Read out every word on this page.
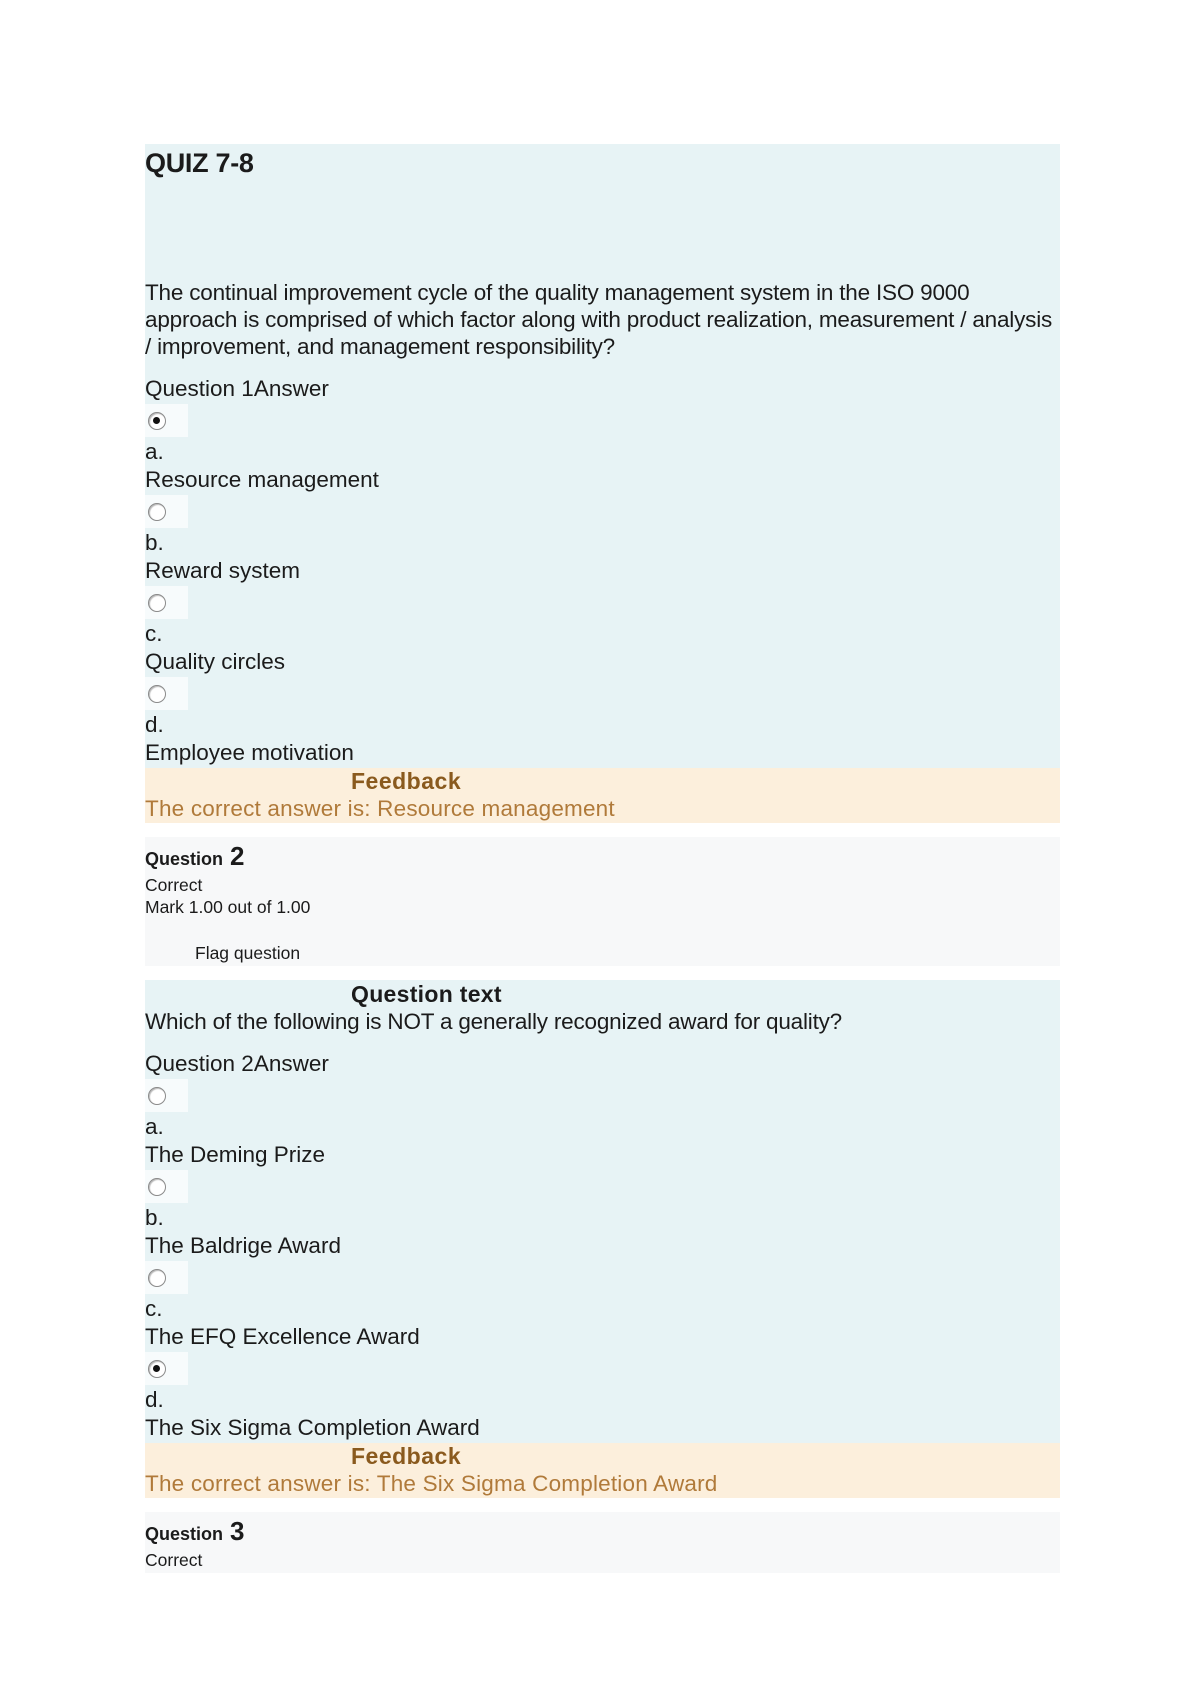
QUIZ 7-8
The continual improvement cycle of the quality management system in the ISO 9000 approach is comprised of which factor along with product realization, measurement / analysis / improvement, and management responsibility?
Question 1Answer
a.
Resource management
b.
Reward system
c.
Quality circles
d.
Employee motivation
Feedback
The correct answer is: Resource management
Question 2
Correct
Mark 1.00 out of 1.00
Flag question
Question text
Which of the following is NOT a generally recognized award for quality?
Question 2Answer
a.
The Deming Prize
b.
The Baldrige Award
c.
The EFQ Excellence Award
d.
The Six Sigma Completion Award
Feedback
The correct answer is: The Six Sigma Completion Award
Question 3
Correct
